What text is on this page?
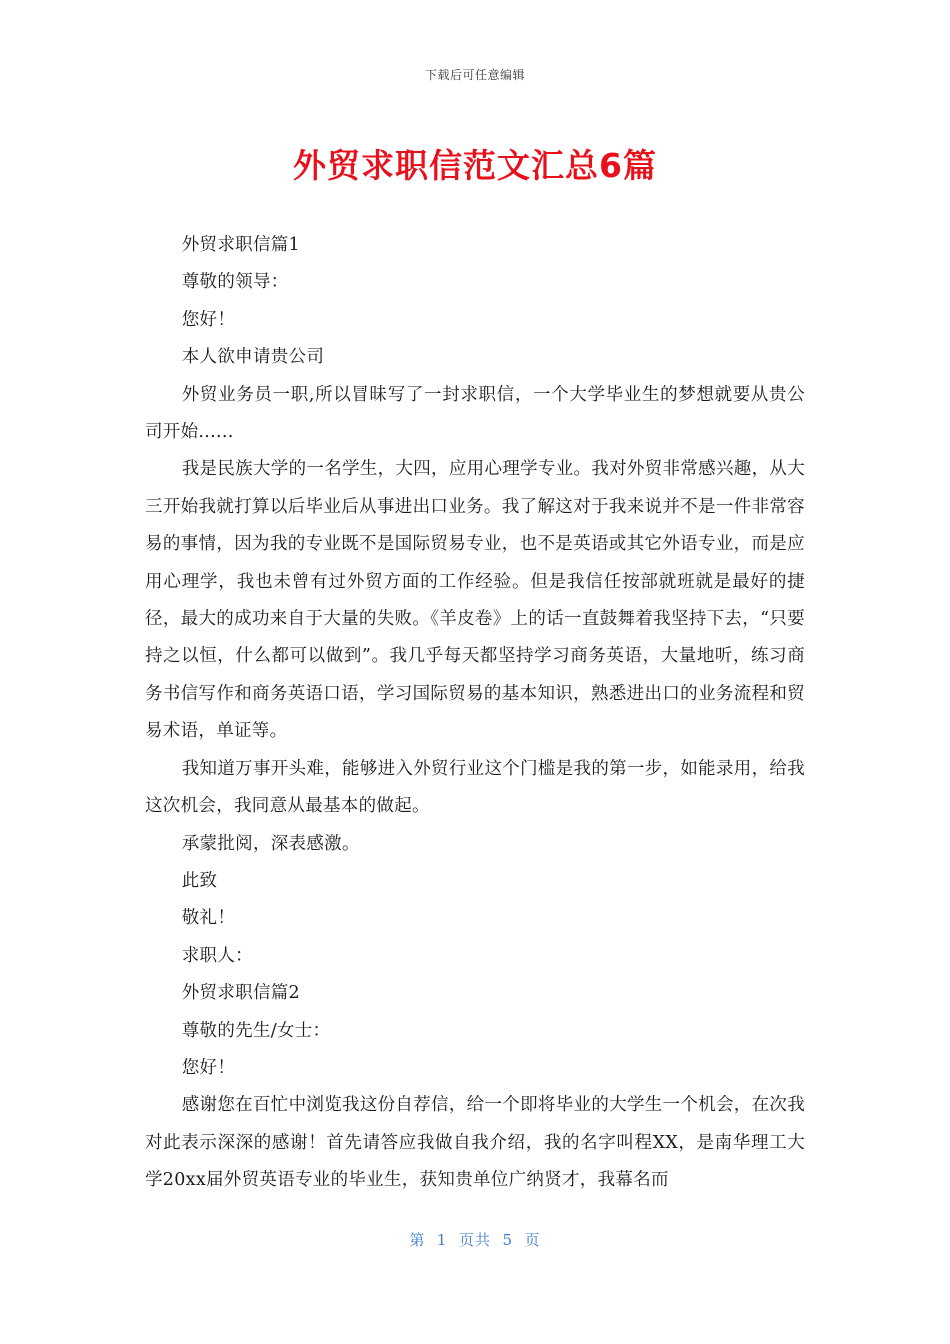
下载后可任意编辑
外贸求职信范文汇总6篇

外贸求职信篇1

尊敬的领导：

您好！

本人欲申请贵公司

外贸业务员一职,所以冒昧写了一封求职信，一个大学毕业生的梦想就要从贵公司开始......

我是民族大学的一名学生，大四，应用心理学专业。我对外贸非常感兴趣，从大三开始我就打算以后毕业后从事进出口业务。我了解这对于我来说并不是一件非常容易的事情，因为我的专业既不是国际贸易专业，也不是英语或其它外语专业，而是应用心理学，我也未曾有过外贸方面的工作经验。但是我信任按部就班就是最好的捷径，最大的成功来自于大量的失败。《羊皮卷》上的话一直鼓舞着我坚持下去，“只要持之以恒，什么都可以做到”。我几乎每天都坚持学习商务英语，大量地听，练习商务书信写作和商务英语口语，学习国际贸易的基本知识，熟悉进出口的业务流程和贸易术语，单证等。

我知道万事开头难，能够进入外贸行业这个门槛是我的第一步，如能录用，给我这次机会，我同意从最基本的做起。

承蒙批阅，深表感激。

此致

敬礼！

求职人：

外贸求职信篇2

尊敬的先生/女士：

您好！

感谢您在百忙中浏览我这份自荐信，给一个即将毕业的大学生一个机会，在次我对此表示深深的感谢！首先请答应我做自我介绍，我的名字叫程XX，是南华理工大学20xx届外贸英语专业的毕业生，获知贵单位广纳贤才，我幕名而

第  1  页共  5  页
